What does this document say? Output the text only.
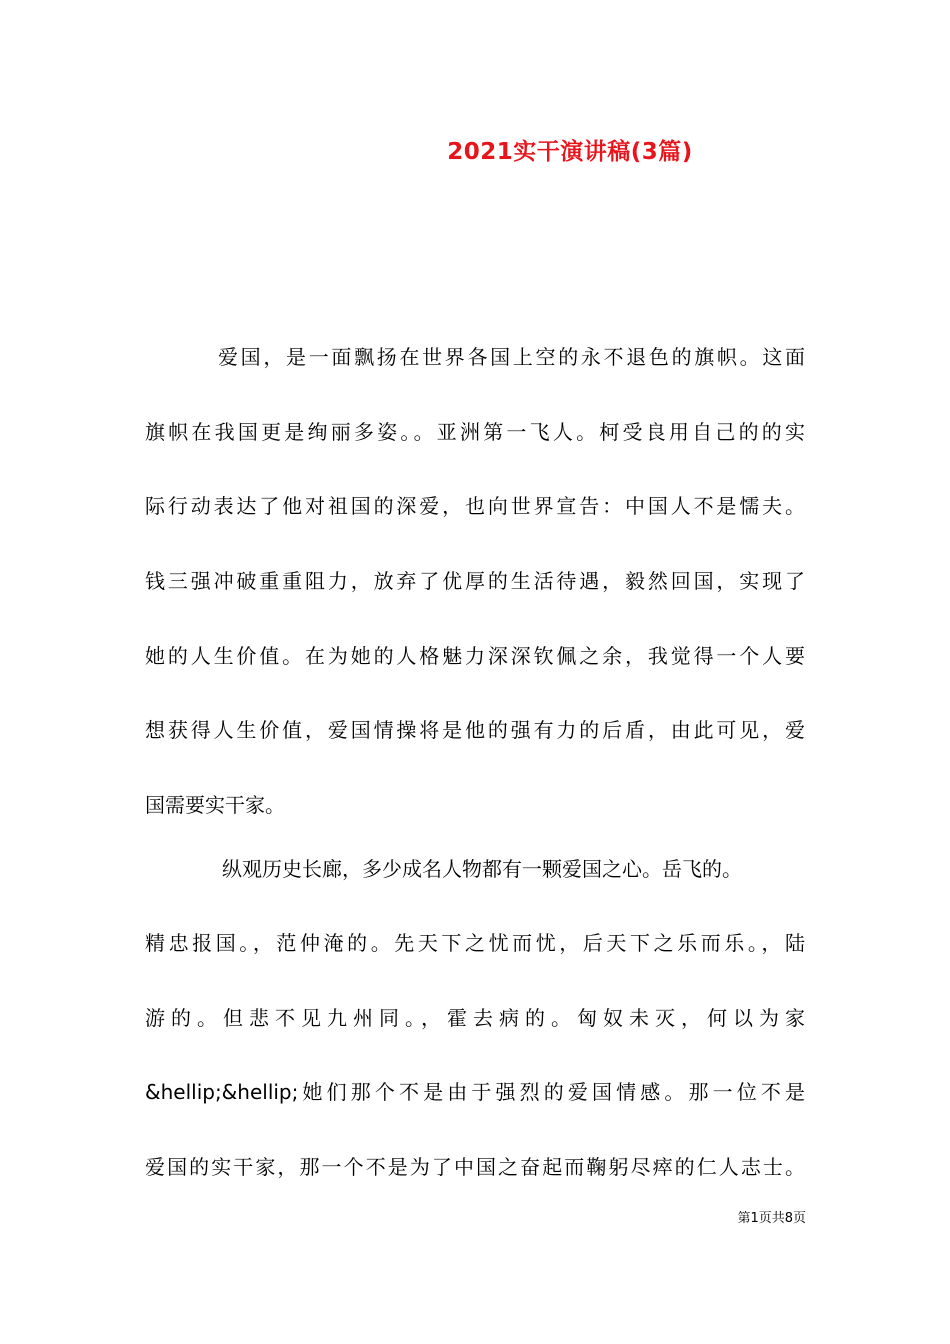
2021实干演讲稿(3篇)
爱国，是一面飘扬在世界各国上空的永不退色的旗帜。这面
旗帜在我国更是绚丽多姿。。亚洲第一飞人。柯受良用自己的的实
际行动表达了他对祖国的深爱，也向世界宣告：中国人不是懦夫。
钱三强冲破重重阻力，放弃了优厚的生活待遇，毅然回国，实现了
她的人生价值。在为她的人格魅力深深钦佩之余，我觉得一个人要
想获得人生价值，爱国情操将是他的强有力的后盾，由此可见，爱
国需要实干家。
纵观历史长廊，多少成名人物都有一颗爱国之心。岳飞的。
精忠报国。，范仲淹的。先天下之忧而忧，后天下之乐而乐。，陆
游的。但悲不见九州同。，霍去病的。匈奴未灭，何以为家
&hellip;&hellip;她们那个不是由于强烈的爱国情感。那一位不是
爱国的实干家，那一个不是为了中国之奋起而鞠躬尽瘁的仁人志士。
第1页共8页
